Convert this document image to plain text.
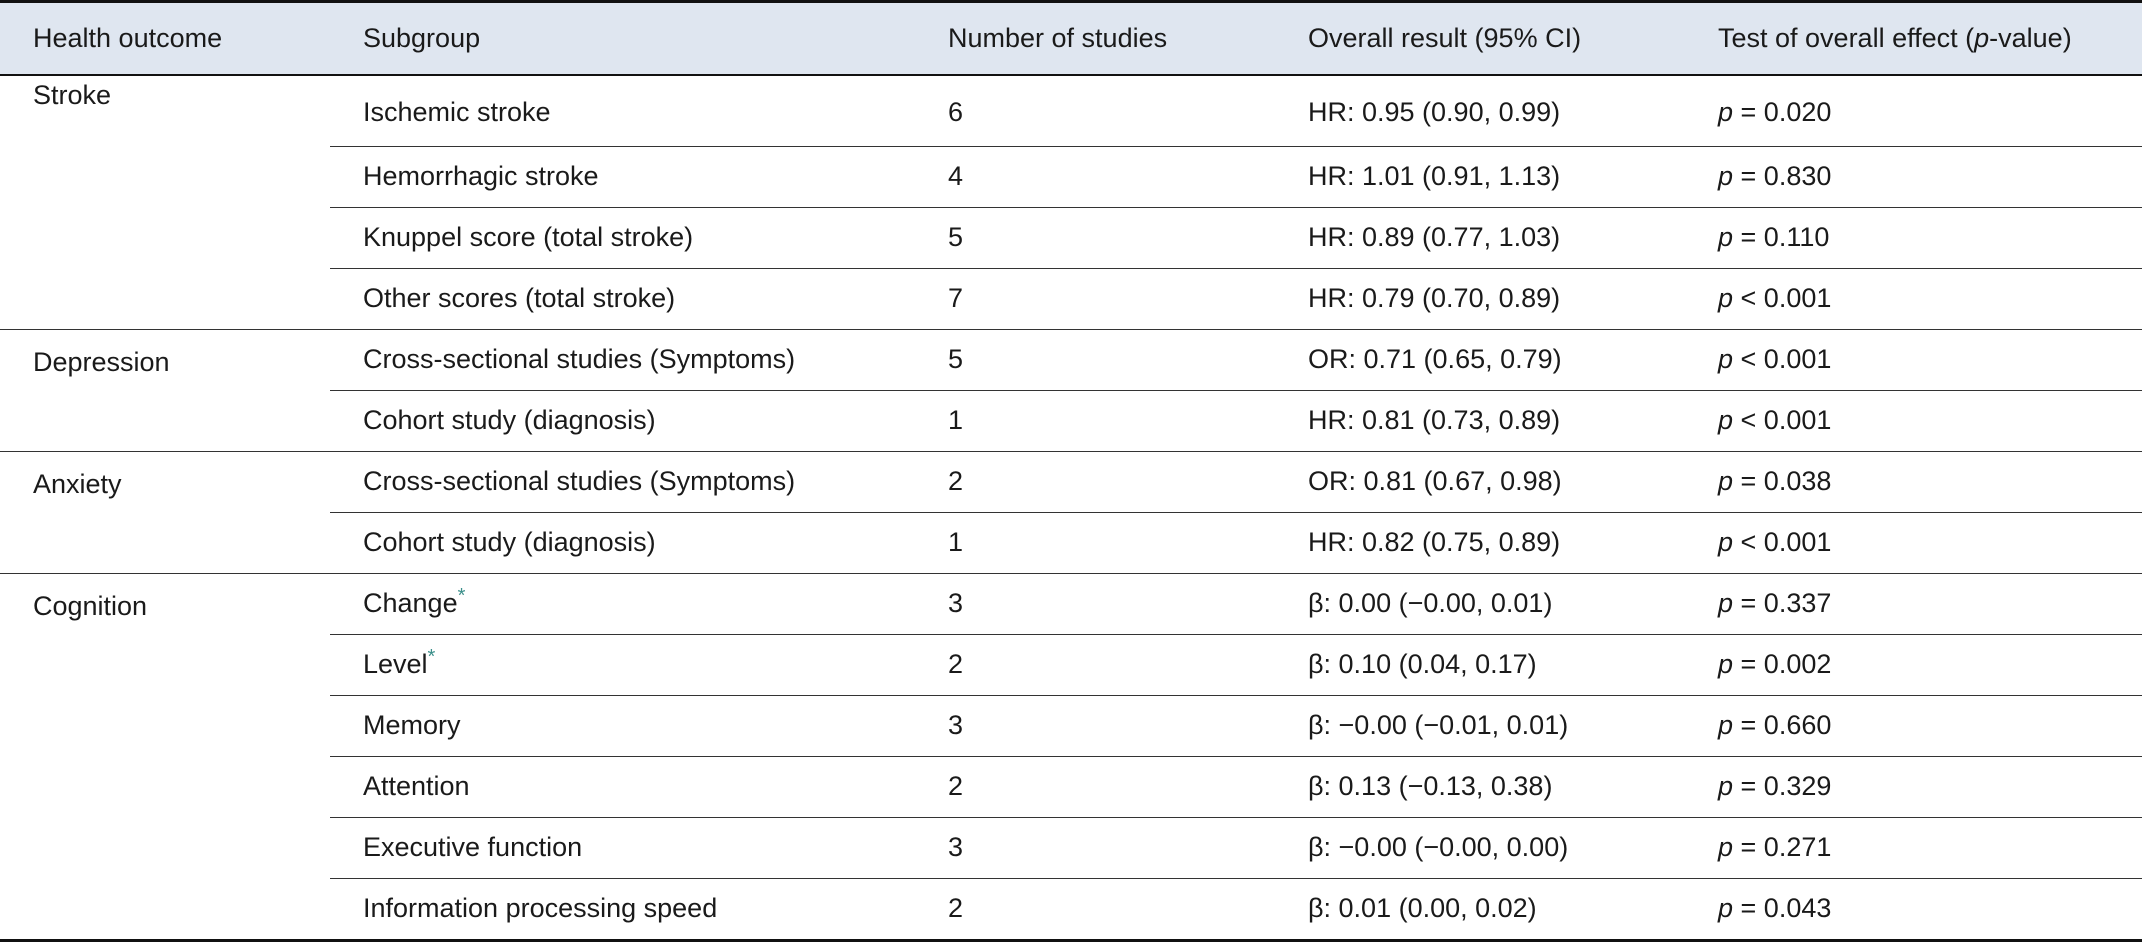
Health outcome	Subgroup	Number of studies	Overall result (95% CI)	Test of overall effect (p-value)
Stroke	Ischemic stroke	6	HR: 0.95 (0.90, 0.99)	p = 0.020
	Hemorrhagic stroke	4	HR: 1.01 (0.91, 1.13)	p = 0.830
	Knuppel score (total stroke)	5	HR: 0.89 (0.77, 1.03)	p = 0.110
	Other scores (total stroke)	7	HR: 0.79 (0.70, 0.89)	p < 0.001
Depression	Cross-sectional studies (Symptoms)	5	OR: 0.71 (0.65, 0.79)	p < 0.001
	Cohort study (diagnosis)	1	HR: 0.81 (0.73, 0.89)	p < 0.001
Anxiety	Cross-sectional studies (Symptoms)	2	OR: 0.81 (0.67, 0.98)	p = 0.038
	Cohort study (diagnosis)	1	HR: 0.82 (0.75, 0.89)	p < 0.001
Cognition	Change*	3	β: 0.00 (−0.00, 0.01)	p = 0.337
	Level*	2	β: 0.10 (0.04, 0.17)	p = 0.002
	Memory	3	β: −0.00 (−0.01, 0.01)	p = 0.660
	Attention	2	β: 0.13 (−0.13, 0.38)	p = 0.329
	Executive function	3	β: −0.00 (−0.00, 0.00)	p = 0.271
	Information processing speed	2	β: 0.01 (0.00, 0.02)	p = 0.043
